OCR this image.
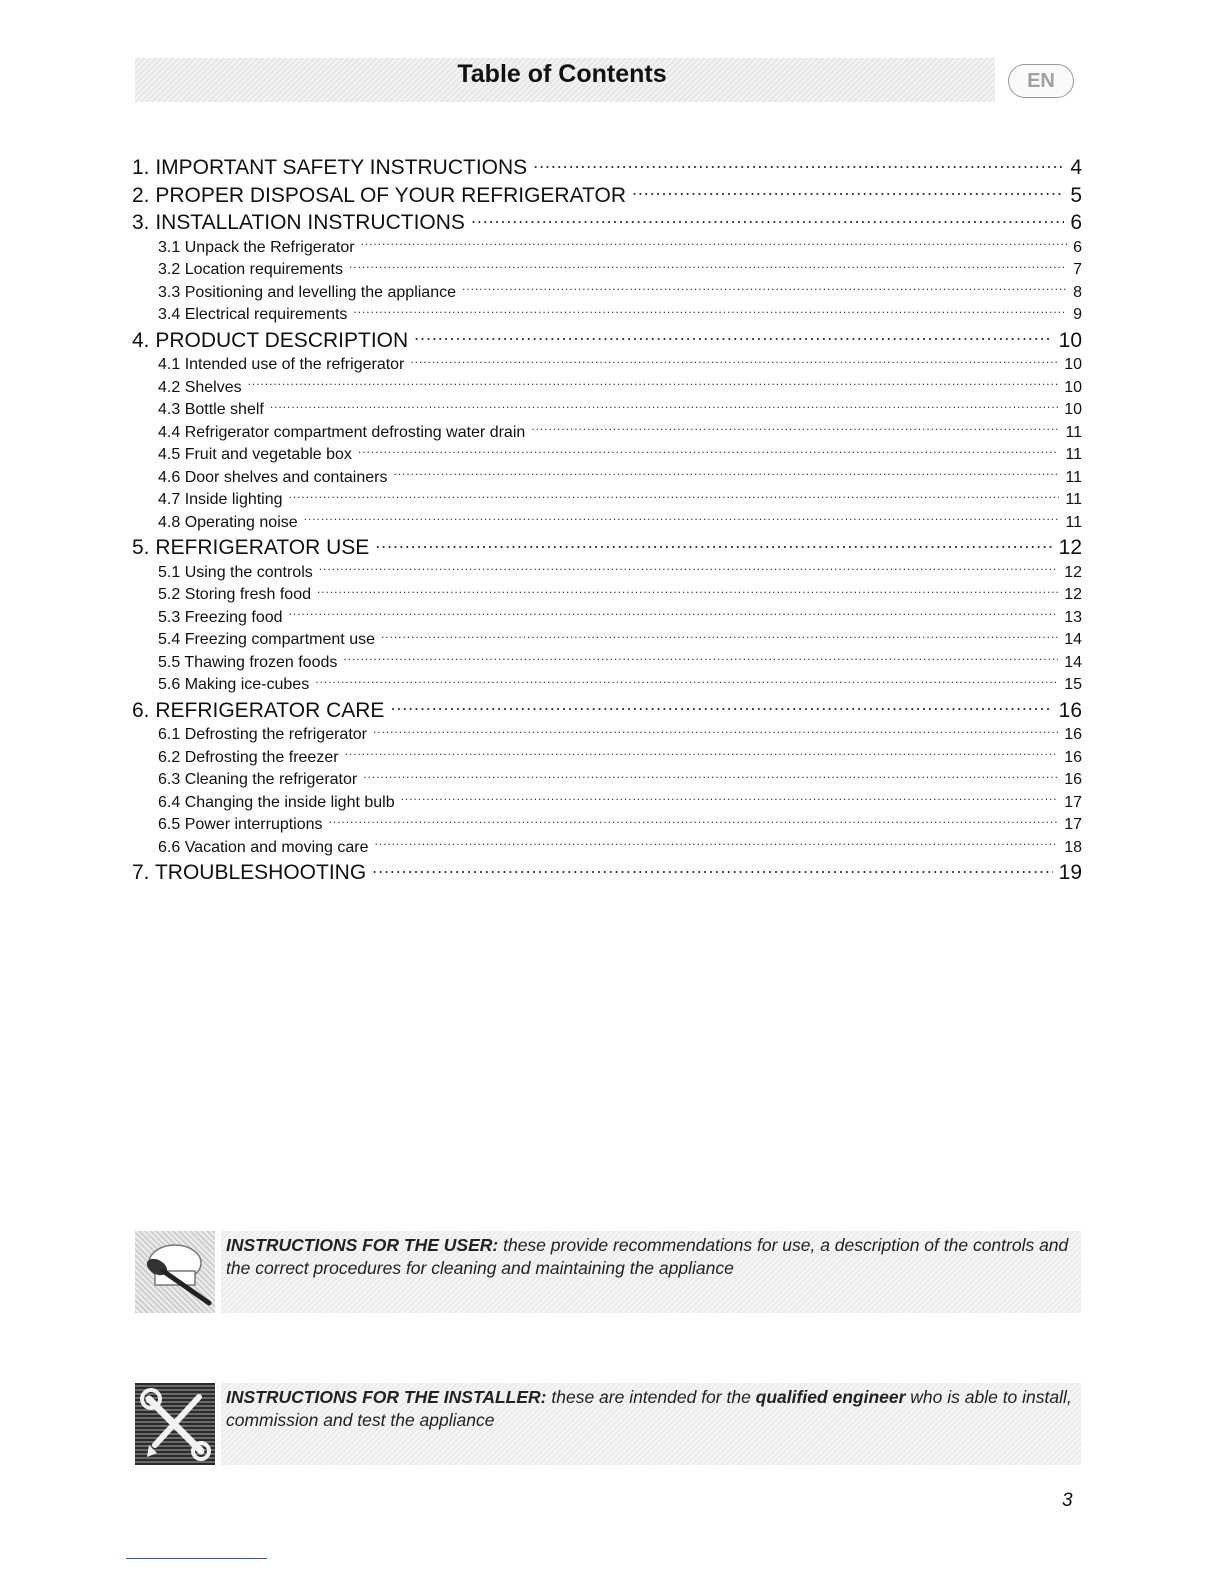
Table of Contents	EN
1. IMPORTANT SAFETY INSTRUCTIONS .....	4
2. PROPER DISPOSAL OF YOUR REFRIGERATOR .....	5
3. INSTALLATION INSTRUCTIONS .....	6
3.1 Unpack the Refrigerator .....	6
3.2 Location requirements .....	7
3.3 Positioning and levelling the appliance .....	8
3.4 Electrical requirements .....	9
4. PRODUCT DESCRIPTION .....	10
4.1 Intended use of the refrigerator .....	10
4.2 Shelves .....	10
4.3 Bottle shelf .....	10
4.4 Refrigerator compartment defrosting water drain .....	11
4.5 Fruit and vegetable box .....	11
4.6 Door shelves and containers .....	11
4.7 Inside lighting .....	11
4.8 Operating noise .....	11
5. REFRIGERATOR USE .....	12
5.1 Using the controls .....	12
5.2 Storing fresh food .....	12
5.3 Freezing food .....	13
5.4 Freezing compartment use .....	14
5.5 Thawing frozen foods .....	14
5.6 Making ice-cubes .....	15
6. REFRIGERATOR CARE .....	16
6.1 Defrosting the refrigerator .....	16
6.2 Defrosting the freezer .....	16
6.3 Cleaning the refrigerator .....	16
6.4 Changing the inside light bulb .....	17
6.5 Power interruptions .....	17
6.6 Vacation and moving care .....	18
7. TROUBLESHOOTING .....	19
INSTRUCTIONS FOR THE USER: these provide recommendations for use, a description of the controls and the correct procedures for cleaning and maintaining the appliance
INSTRUCTIONS FOR THE INSTALLER: these are intended for the qualified engineer who is able to install, commission and test the appliance
3
